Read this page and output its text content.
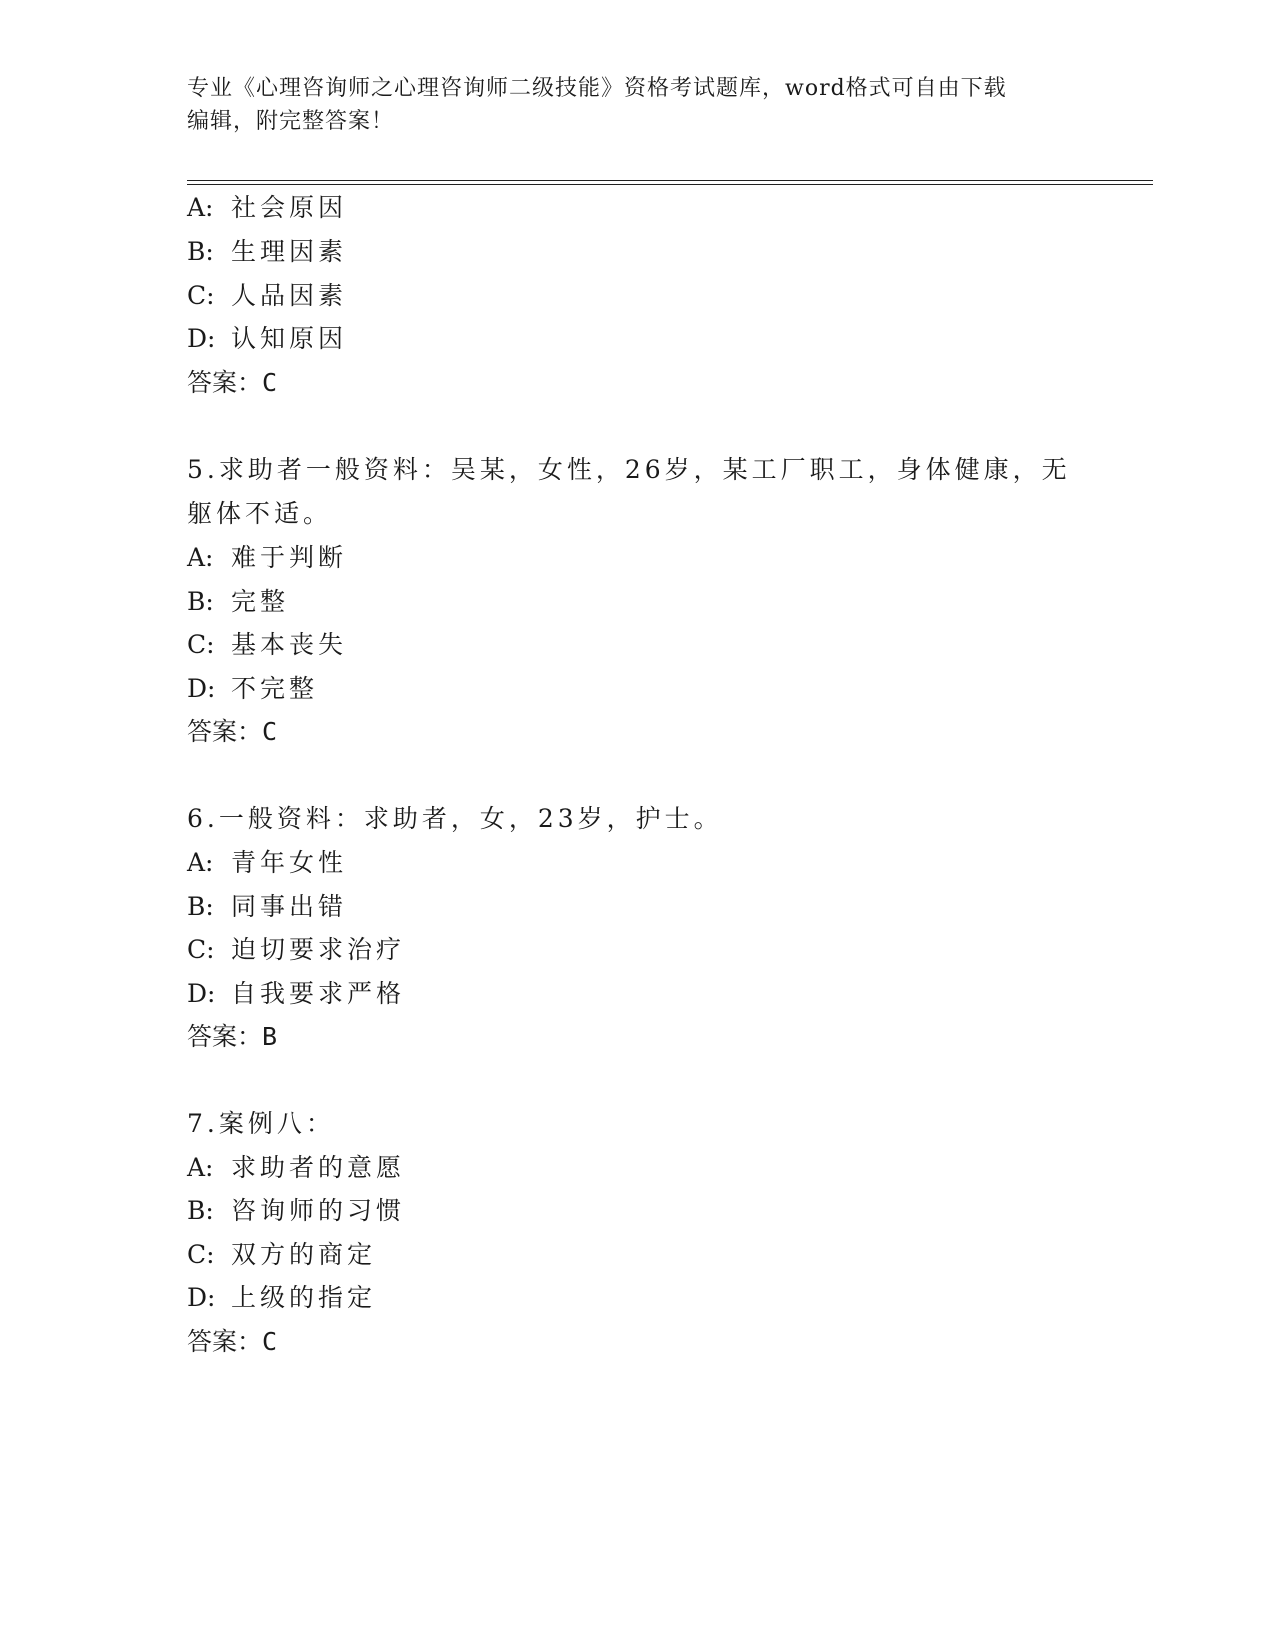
专业《心理咨询师之心理咨询师二级技能》资格考试题库，word格式可自由下载
编辑，附完整答案！
A: 社会原因
B: 生理因素
C: 人品因素
D: 认知原因
答案：C
5.求助者一般资料：吴某，女性，26岁，某工厂职工，身体健康，无
躯体不适。
A: 难于判断
B: 完整
C: 基本丧失
D: 不完整
答案：C
6.一般资料：求助者，女，23岁，护士。
A: 青年女性
B: 同事出错
C: 迫切要求治疗
D: 自我要求严格
答案：B
7.案例八：
A: 求助者的意愿
B: 咨询师的习惯
C: 双方的商定
D: 上级的指定
答案：C
